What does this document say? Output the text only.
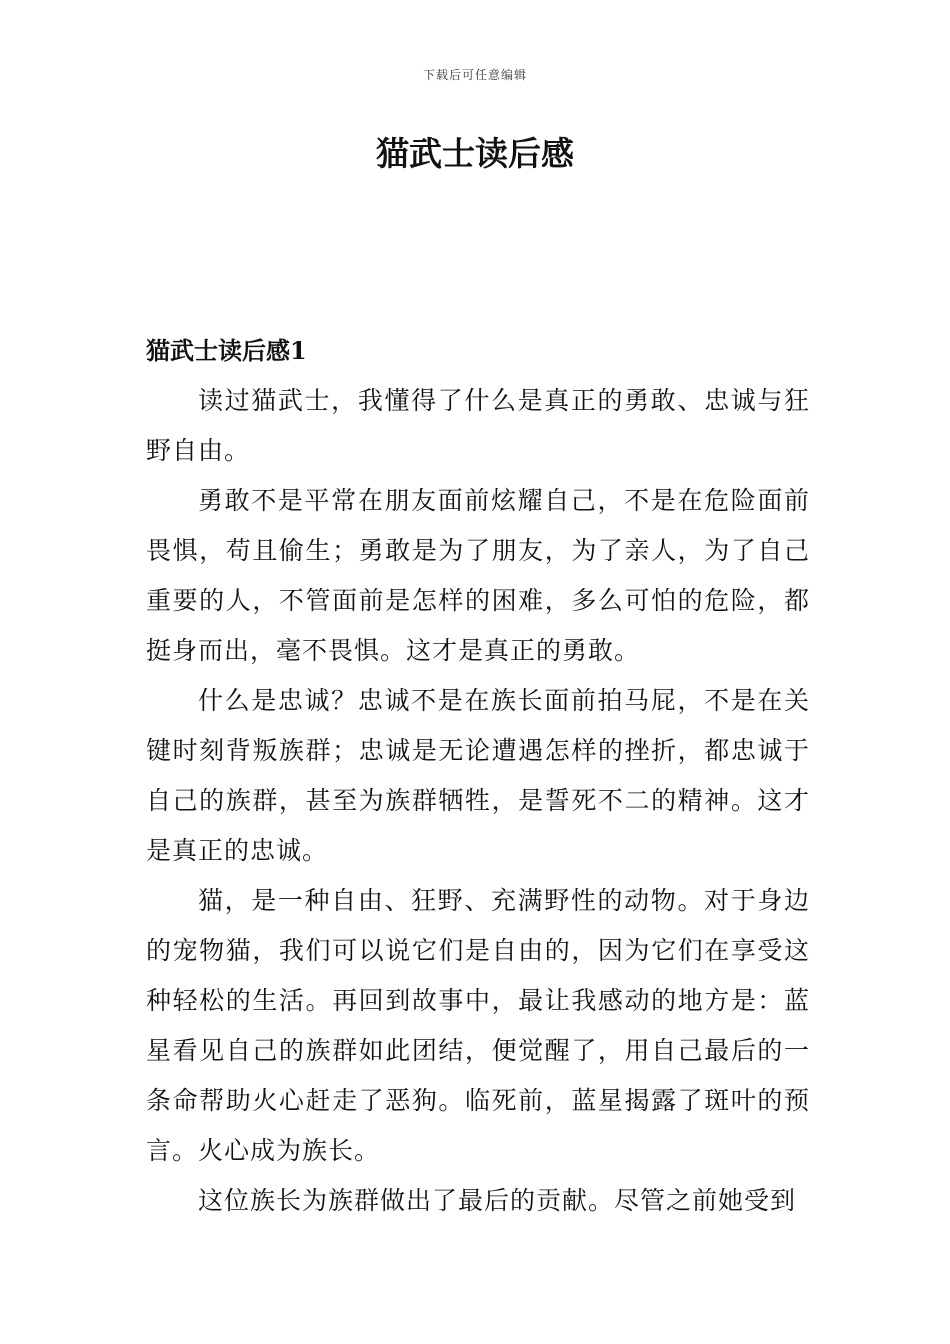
下载后可任意编辑
猫武士读后感
猫武士读后感1

读过猫武士，我懂得了什么是真正的勇敢、忠诚与狂野自由。

勇敢不是平常在朋友面前炫耀自己，不是在危险面前畏惧，苟且偷生；勇敢是为了朋友，为了亲人，为了自己重要的人，不管面前是怎样的困难，多么可怕的危险，都挺身而出，毫不畏惧。这才是真正的勇敢。

什么是忠诚？忠诚不是在族长面前拍马屁，不是在关键时刻背叛族群；忠诚是无论遭遇怎样的挫折，都忠诚于自己的族群，甚至为族群牺牲，是誓死不二的精神。这才是真正的忠诚。

猫，是一种自由、狂野、充满野性的动物。对于身边的宠物猫，我们可以说它们是自由的，因为它们在享受这种轻松的生活。再回到故事中，最让我感动的地方是：蓝星看见自己的族群如此团结，便觉醒了，用自己最后的一条命帮助火心赶走了恶狗。临死前，蓝星揭露了斑叶的预言。火心成为族长。

这位族长为族群做出了最后的贡献。尽管之前她受到
